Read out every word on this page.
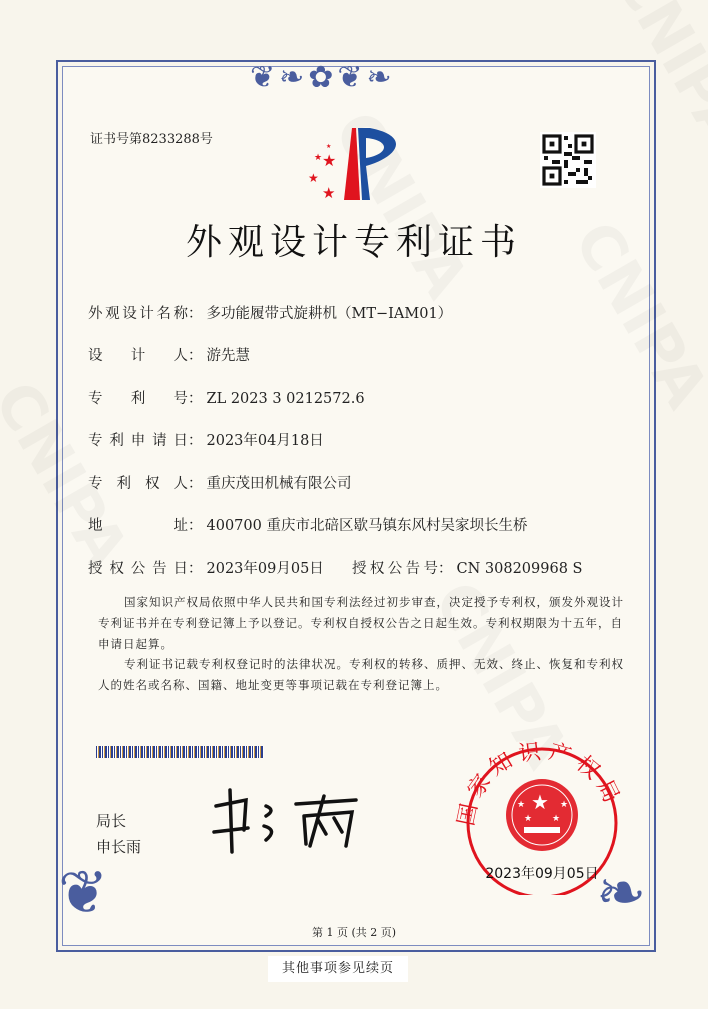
❦❧✿❦❧
❦	❧
证书号第8233288号
★
★
★
★
★
外观设计专利证书
外观设计名称： 多功能履带式旋耕机（MT−IAM01）
设计人： 游先慧
专利号： ZL 2023 3 0212572.6
专利申请日： 2023年04月18日
专利权人： 重庆茂田机械有限公司
地址： 400700 重庆市北碚区歇马镇东风村吴家坝长生桥
授权公告日： 2023年09月05日 授权公告号： CN 308209968 S
国家知识产权局依照中华人民共和国专利法经过初步审查，决定授予专利权，颁发外观设计专利证书并在专利登记簿上予以登记。专利权自授权公告之日起生效。专利权期限为十五年，自申请日起算。
专利证书记载专利权登记时的法律状况。专利权的转移、质押、无效、终止、恢复和专利权人的姓名或名称、国籍、地址变更等事项记载在专利登记簿上。
局长
申长雨
国家知识产权局
★
★	★
★ ★
2023年09月05日
第 1 页 (共 2 页)
其他事项参见续页
